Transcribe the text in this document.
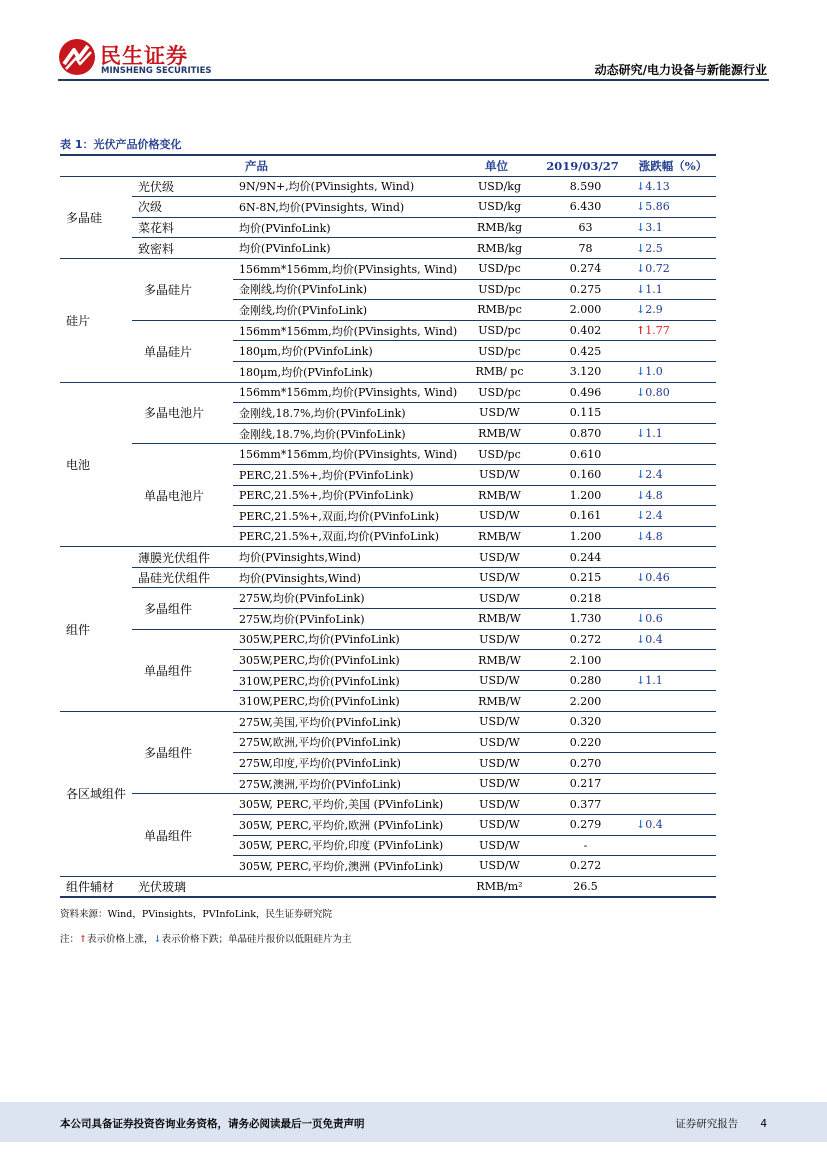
民生证券
MINSHENG SECURITIES	动态研究/电力设备与新能源行业
表 1：光伏产品价格变化
		产品	单位	2019/03/27	涨跌幅（%）
多晶硅	光伏级	9N/9N+,均价(PVinsights, Wind)	USD/kg	8.590	↓4.13
	次级	6N-8N,均价(PVinsights, Wind)	USD/kg	6.430	↓5.86
	菜花料	均价(PVinfoLink)	RMB/kg	63	↓3.1
	致密料	均价(PVinfoLink)	RMB/kg	78	↓2.5
硅片	多晶硅片	156mm*156mm,均价(PVinsights, Wind)	USD/pc	0.274	↓0.72
		金刚线,均价(PVinfoLink)	USD/pc	0.275	↓1.1
		金刚线,均价(PVinfoLink)	RMB/pc	2.000	↓2.9
	单晶硅片	156mm*156mm,均价(PVinsights, Wind)	USD/pc	0.402	↑1.77
		180μm,均价(PVinfoLink)	USD/pc	0.425	
		180μm,均价(PVinfoLink)	RMB/ pc	3.120	↓1.0
电池	多晶电池片	156mm*156mm,均价(PVinsights, Wind)	USD/pc	0.496	↓0.80
		金刚线,18.7%,均价(PVinfoLink)	USD/W	0.115	
		金刚线,18.7%,均价(PVinfoLink)	RMB/W	0.870	↓1.1
	单晶电池片	156mm*156mm,均价(PVinsights, Wind)	USD/pc	0.610	
		PERC,21.5%+,均价(PVinfoLink)	USD/W	0.160	↓2.4
		PERC,21.5%+,均价(PVinfoLink)	RMB/W	1.200	↓4.8
		PERC,21.5%+,双面,均价(PVinfoLink)	USD/W	0.161	↓2.4
		PERC,21.5%+,双面,均价(PVinfoLink)	RMB/W	1.200	↓4.8
组件	薄膜光伏组件	均价(PVinsights,Wind)	USD/W	0.244	
	晶硅光伏组件	均价(PVinsights,Wind)	USD/W	0.215	↓0.46
	多晶组件	275W,均价(PVinfoLink)	USD/W	0.218	
		275W,均价(PVinfoLink)	RMB/W	1.730	↓0.6
	单晶组件	305W,PERC,均价(PVinfoLink)	USD/W	0.272	↓0.4
		305W,PERC,均价(PVinfoLink)	RMB/W	2.100	
		310W,PERC,均价(PVinfoLink)	USD/W	0.280	↓1.1
		310W,PERC,均价(PVinfoLink)	RMB/W	2.200	
各区域组件	多晶组件	275W,美国,平均价(PVinfoLink)	USD/W	0.320	
		275W,欧洲,平均价(PVinfoLink)	USD/W	0.220	
		275W,印度,平均价(PVinfoLink)	USD/W	0.270	
		275W,澳洲,平均价(PVinfoLink)	USD/W	0.217	
	单晶组件	305W, PERC,平均价,美国 (PVinfoLink)	USD/W	0.377	
		305W, PERC,平均价,欧洲 (PVinfoLink)	USD/W	0.279	↓0.4
		305W, PERC,平均价,印度 (PVinfoLink)	USD/W	-	
		305W, PERC,平均价,澳洲 (PVinfoLink)	USD/W	0.272	
组件辅材	光伏玻璃		RMB/m²	26.5	
资料来源：Wind，PVinsights，PVInfoLink，民生证券研究院
注：↑表示价格上涨，↓表示价格下跌；单晶硅片报价以低阻硅片为主
本公司具备证券投资咨询业务资格，请务必阅读最后一页免责声明	证券研究报告 4
